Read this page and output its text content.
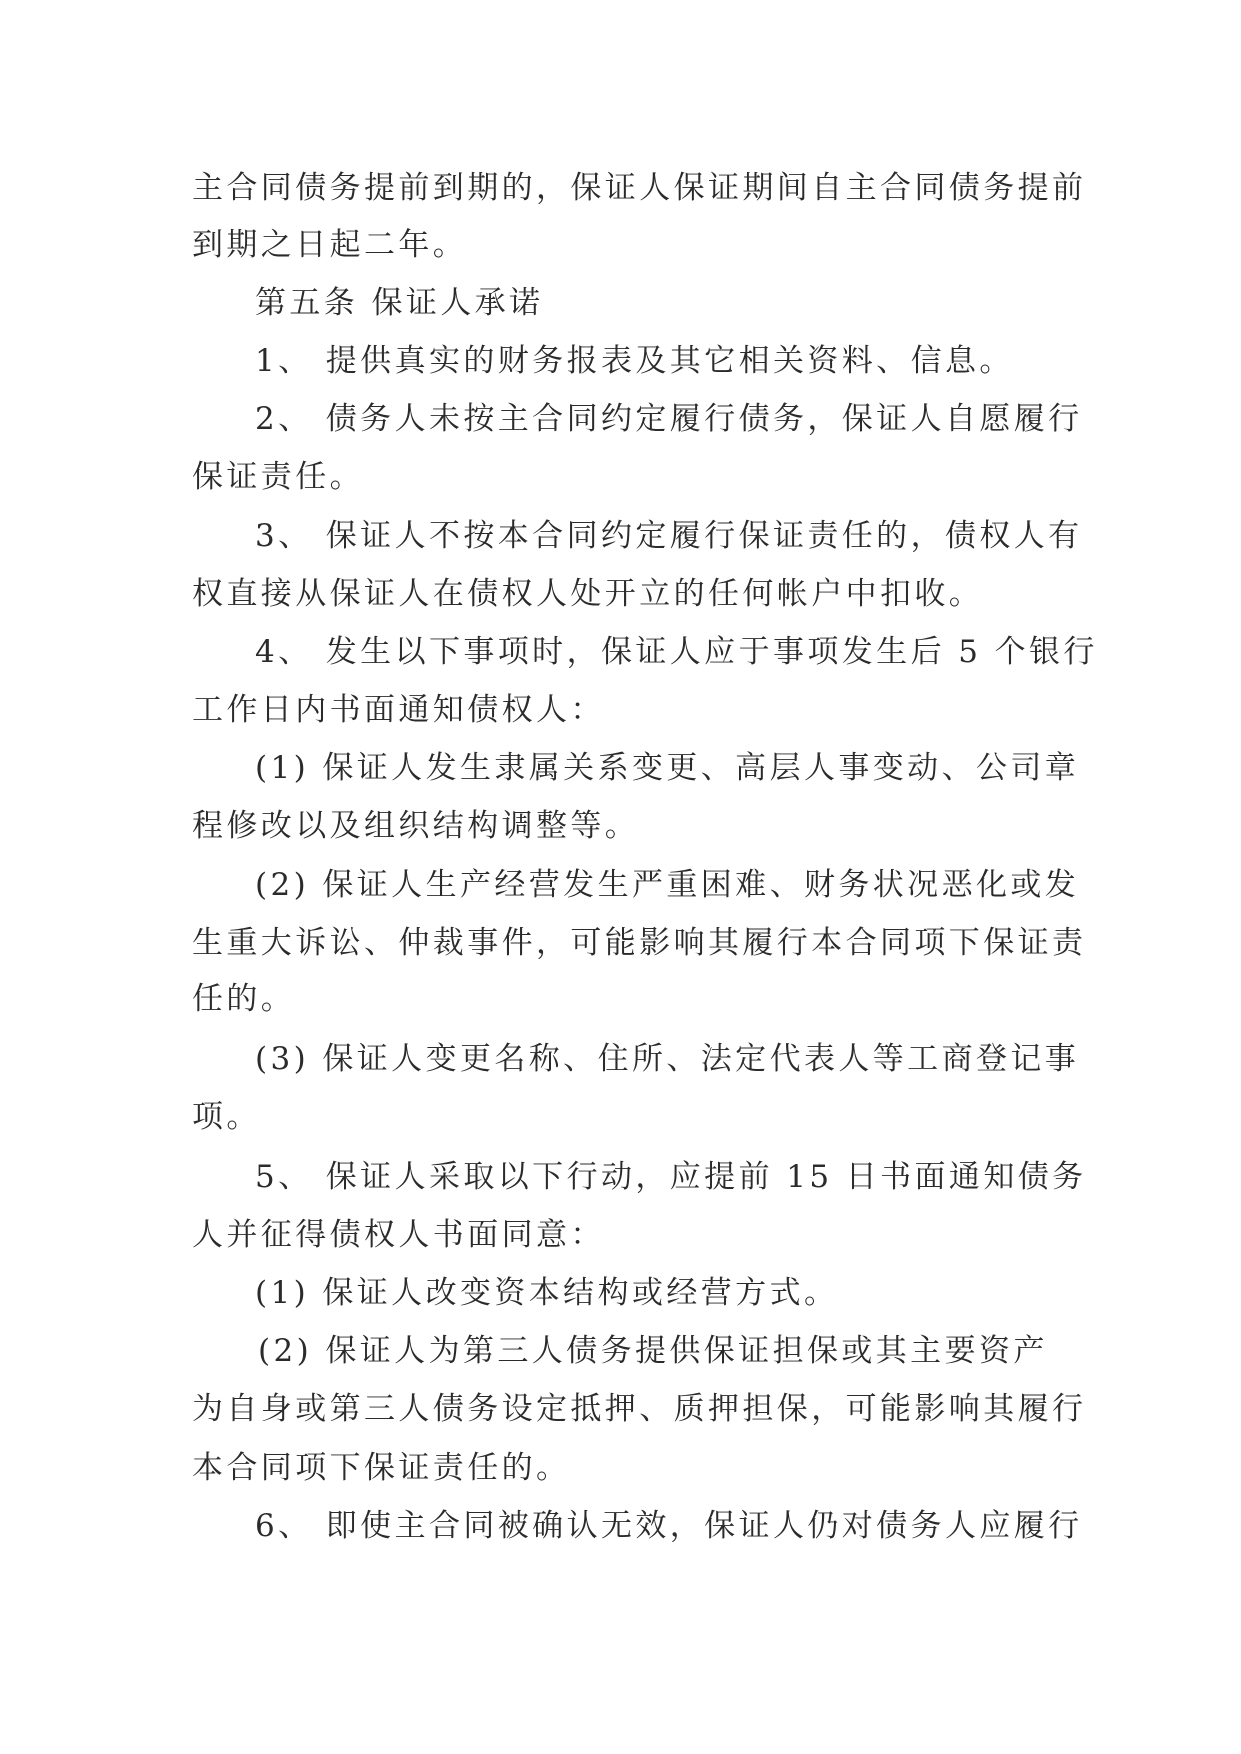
主合同债务提前到期的，保证人保证期间自主合同债务提前
到期之日起二年。
第五条 保证人承诺
1、 提供真实的财务报表及其它相关资料、信息。
2、 债务人未按主合同约定履行债务，保证人自愿履行
保证责任。
3、 保证人不按本合同约定履行保证责任的，债权人有
权直接从保证人在债权人处开立的任何帐户中扣收。
4、 发生以下事项时，保证人应于事项发生后 5 个银行
工作日内书面通知债权人：
(1) 保证人发生隶属关系变更、高层人事变动、公司章
程修改以及组织结构调整等。
(2) 保证人生产经营发生严重困难、财务状况恶化或发
生重大诉讼、仲裁事件，可能影响其履行本合同项下保证责
任的。
(3) 保证人变更名称、住所、法定代表人等工商登记事
项。
5、 保证人采取以下行动，应提前 15 日书面通知债务
人并征得债权人书面同意：
(1) 保证人改变资本结构或经营方式。
(2) 保证人为第三人债务提供保证担保或其主要资产
为自身或第三人债务设定抵押、质押担保，可能影响其履行
本合同项下保证责任的。
6、 即使主合同被确认无效，保证人仍对债务人应履行
